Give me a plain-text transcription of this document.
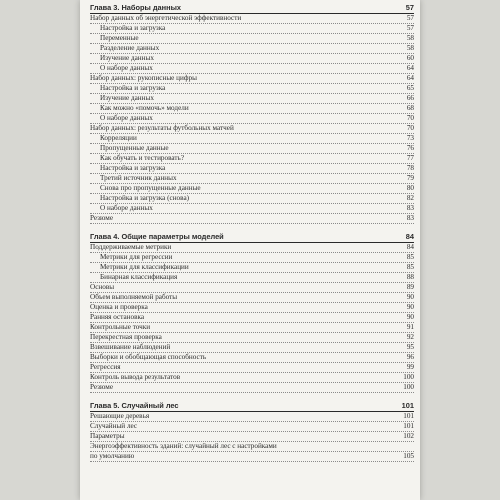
Глава 3. Наборы данных	57
Набор данных об энергетической эффективности	57
Настройка и загрузка	57
Переменные	58
Разделение данных	58
Изучение данных	60
О наборе данных	64
Набор данных: рукописные цифры	64
Настройка и загрузка	65
Изучение данных	66
Как можно «помочь» модели	68
О наборе данных	70
Набор данных: результаты футбольных матчей	70
Корреляции	73
Пропущенные данные	76
Как обучать и тестировать?	77
Настройка и загрузка	78
Третий источник данных	79
Снова про пропущенные данные	80
Настройка и загрузка (снова)	82
О наборе данных	83
Резюме	83
Глава 4. Общие параметры моделей	84
Поддерживаемые метрики	84
Метрики для регрессии	85
Метрики для классификации	85
Бинарная классификация	88
Основы	89
Объем выполняемой работы	90
Оценка и проверка	90
Ранняя остановка	90
Контрольные точки	91
Перекрестная проверка	92
Взвешивание наблюдений	95
Выборки и обобщающая способность	96
Регрессия	99
Контроль вывода результатов	100
Резюме	100
Глава 5. Случайный лес	101
Решающие деревья	101
Случайный лес	101
Параметры	102
Энергоэффективность зданий: случайный лес с настройками
по умолчанию	105
